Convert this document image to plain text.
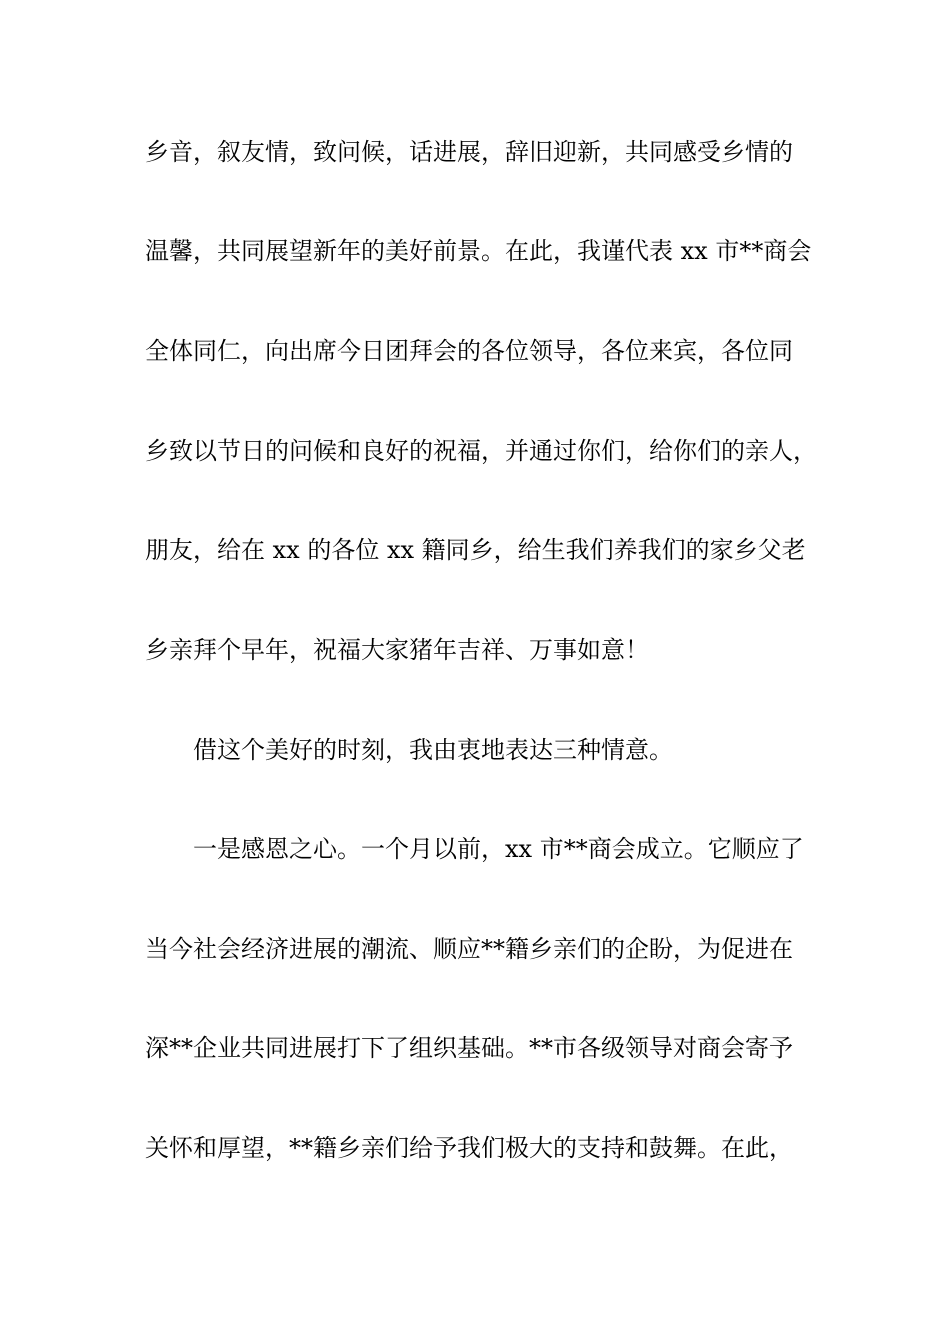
乡音，叙友情，致问候，话进展，辞旧迎新，共同感受乡情的
温馨，共同展望新年的美好前景。在此，我谨代表 xx 市**商会
全体同仁，向出席今日团拜会的各位领导，各位来宾，各位同
乡致以节日的问候和良好的祝福，并通过你们，给你们的亲人，
朋友，给在 xx 的各位 xx 籍同乡，给生我们养我们的家乡父老
乡亲拜个早年，祝福大家猪年吉祥、万事如意！
借这个美好的时刻，我由衷地表达三种情意。
一是感恩之心。一个月以前，xx 市**商会成立。它顺应了
当今社会经济进展的潮流、顺应**籍乡亲们的企盼，为促进在
深**企业共同进展打下了组织基础。**市各级领导对商会寄予
关怀和厚望，**籍乡亲们给予我们极大的支持和鼓舞。在此，
